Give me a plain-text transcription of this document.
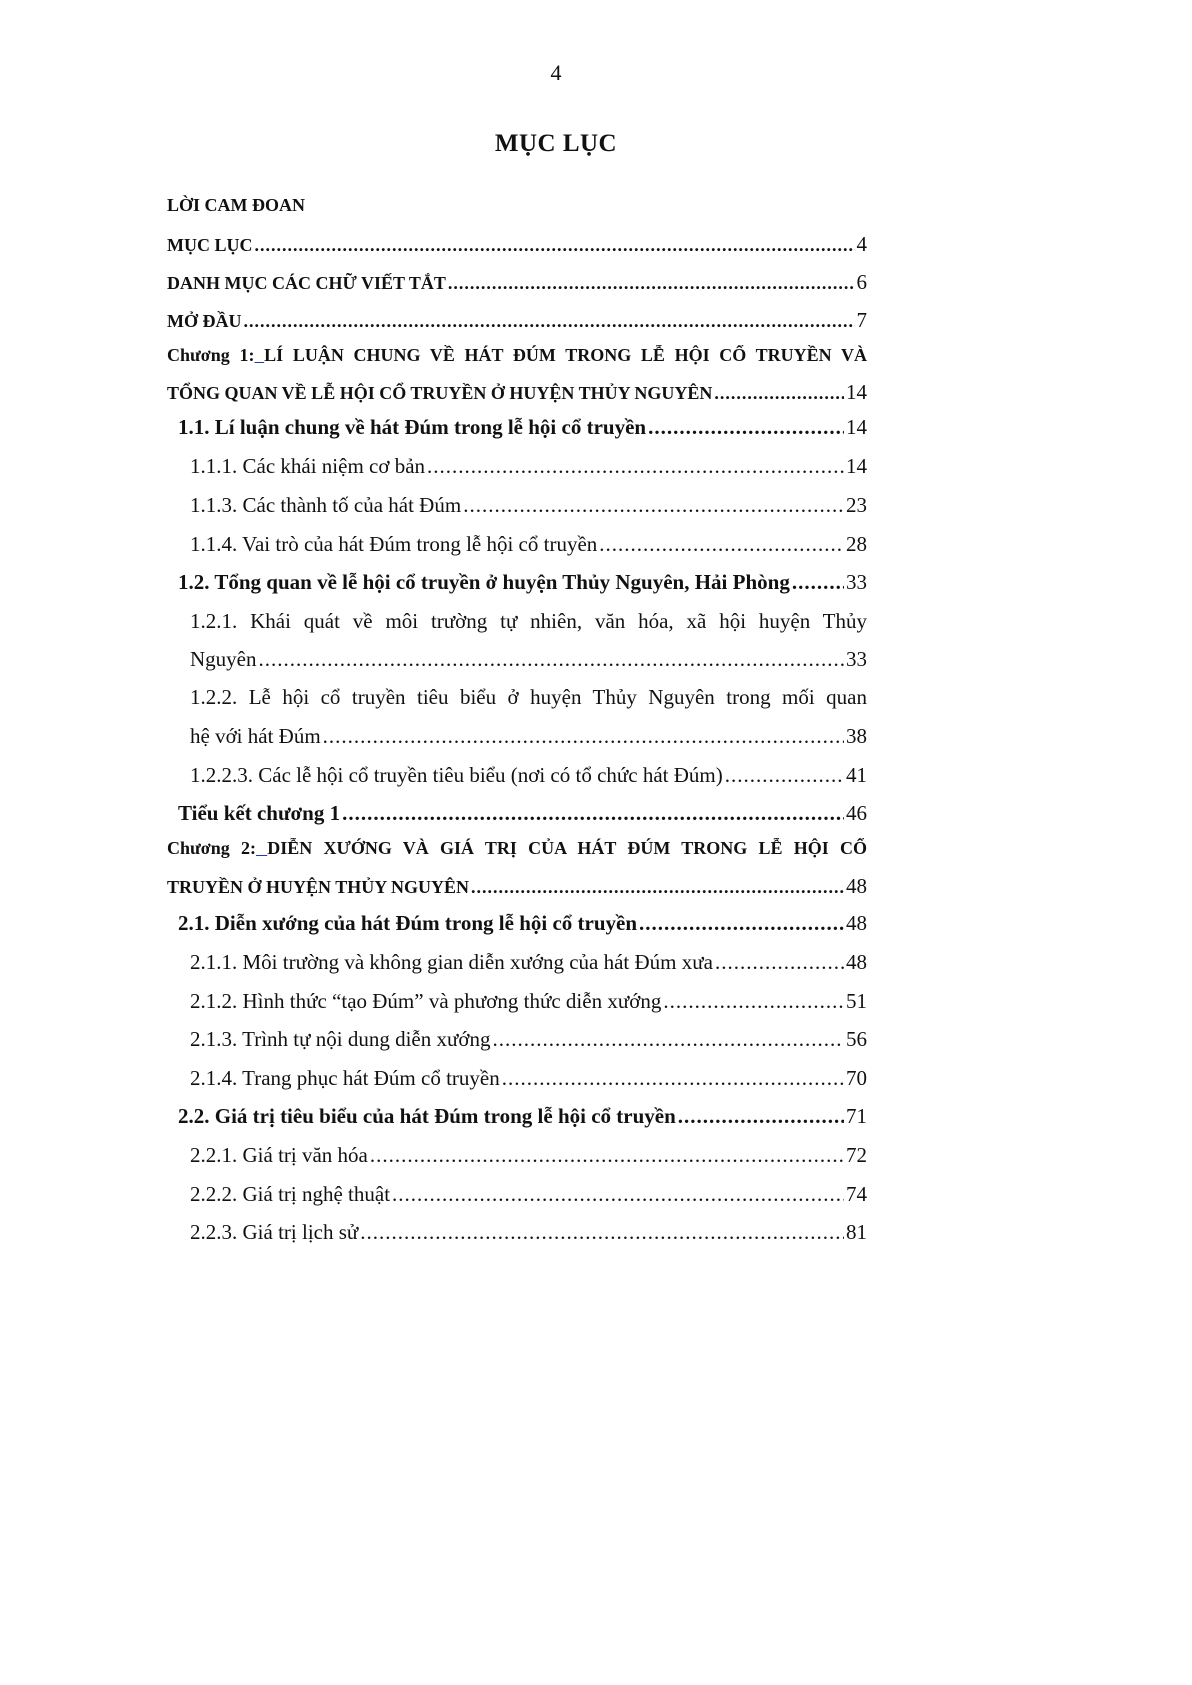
4
MỤC LỤC
LỜI CAM ĐOAN
MỤC LỤC .....	4
DANH MỤC CÁC CHỮ VIẾT TẮT .....	6
MỞ ĐẦU .....	7
Chương 1: LÍ LUẬN CHUNG VỀ HÁT ĐÚM TRONG LỄ HỘI CỔ TRUYỀN VÀ
TỔNG QUAN VỀ LỄ HỘI CỔ TRUYỀN Ở HUYỆN THỦY NGUYÊN .....	14
1.1. Lí luận chung về hát Đúm trong lễ hội cổ truyền .....	14
1.1.1. Các khái niệm cơ bản .....	14
1.1.3. Các thành tố của hát Đúm .....	23
1.1.4. Vai trò của hát Đúm trong lễ hội cổ truyền .....	28
1.2. Tổng quan về lễ hội cổ truyền ở huyện Thủy Nguyên, Hải Phòng .....	33
1.2.1. Khái quát về môi trường tự nhiên, văn hóa, xã hội huyện Thủy
Nguyên .....	33
1.2.2. Lễ hội cổ truyền tiêu biểu ở huyện Thủy Nguyên trong mối quan
hệ với hát Đúm .....	38
1.2.2.3. Các lễ hội cổ truyền tiêu biểu (nơi có tổ chức hát Đúm) .....	41
Tiểu kết chương 1 .....	46
Chương 2: DIỄN XƯỚNG VÀ GIÁ TRỊ CỦA HÁT ĐÚM TRONG LỄ HỘI CỔ
TRUYỀN Ở HUYỆN THỦY NGUYÊN .....	48
2.1. Diễn xướng của hát Đúm trong lễ hội cổ truyền .....	48
2.1.1. Môi trường và không gian diễn xướng của hát Đúm xưa .....	48
2.1.2. Hình thức “tạo Đúm” và phương thức diễn xướng .....	51
2.1.3. Trình tự nội dung diễn xướng .....	56
2.1.4. Trang phục hát Đúm cổ truyền .....	70
2.2. Giá trị tiêu biểu của hát Đúm trong lễ hội cổ truyền .....	71
2.2.1. Giá trị văn hóa .....	72
2.2.2. Giá trị nghệ thuật .....	74
2.2.3. Giá trị lịch sử .....	81
